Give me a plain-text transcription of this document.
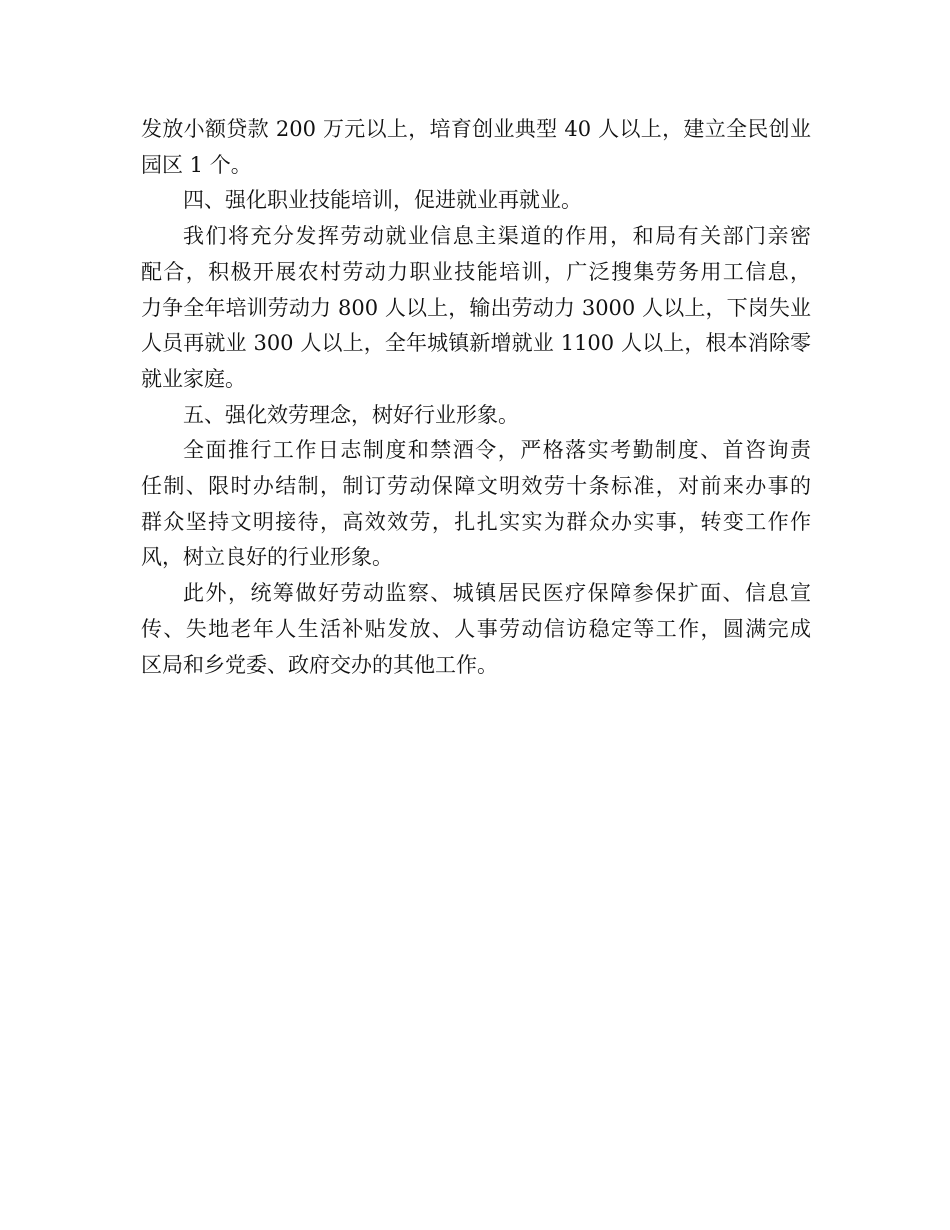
发放小额贷款 200 万元以上，培育创业典型 40 人以上，建立全民创业
园区 1 个。

四、强化职业技能培训，促进就业再就业。

我们将充分发挥劳动就业信息主渠道的作用，和局有关部门亲密
配合，积极开展农村劳动力职业技能培训，广泛搜集劳务用工信息，
力争全年培训劳动力 800 人以上，输出劳动力 3000 人以上，下岗失业
人员再就业 300 人以上，全年城镇新增就业 1100 人以上，根本消除零
就业家庭。

五、强化效劳理念，树好行业形象。

全面推行工作日志制度和禁酒令，严格落实考勤制度、首咨询责
任制、限时办结制，制订劳动保障文明效劳十条标准，对前来办事的
群众坚持文明接待，高效效劳，扎扎实实为群众办实事，转变工作作
风，树立良好的行业形象。

此外，统筹做好劳动监察、城镇居民医疗保障参保扩面、信息宣
传、失地老年人生活补贴发放、人事劳动信访稳定等工作，圆满完成
区局和乡党委、政府交办的其他工作。
